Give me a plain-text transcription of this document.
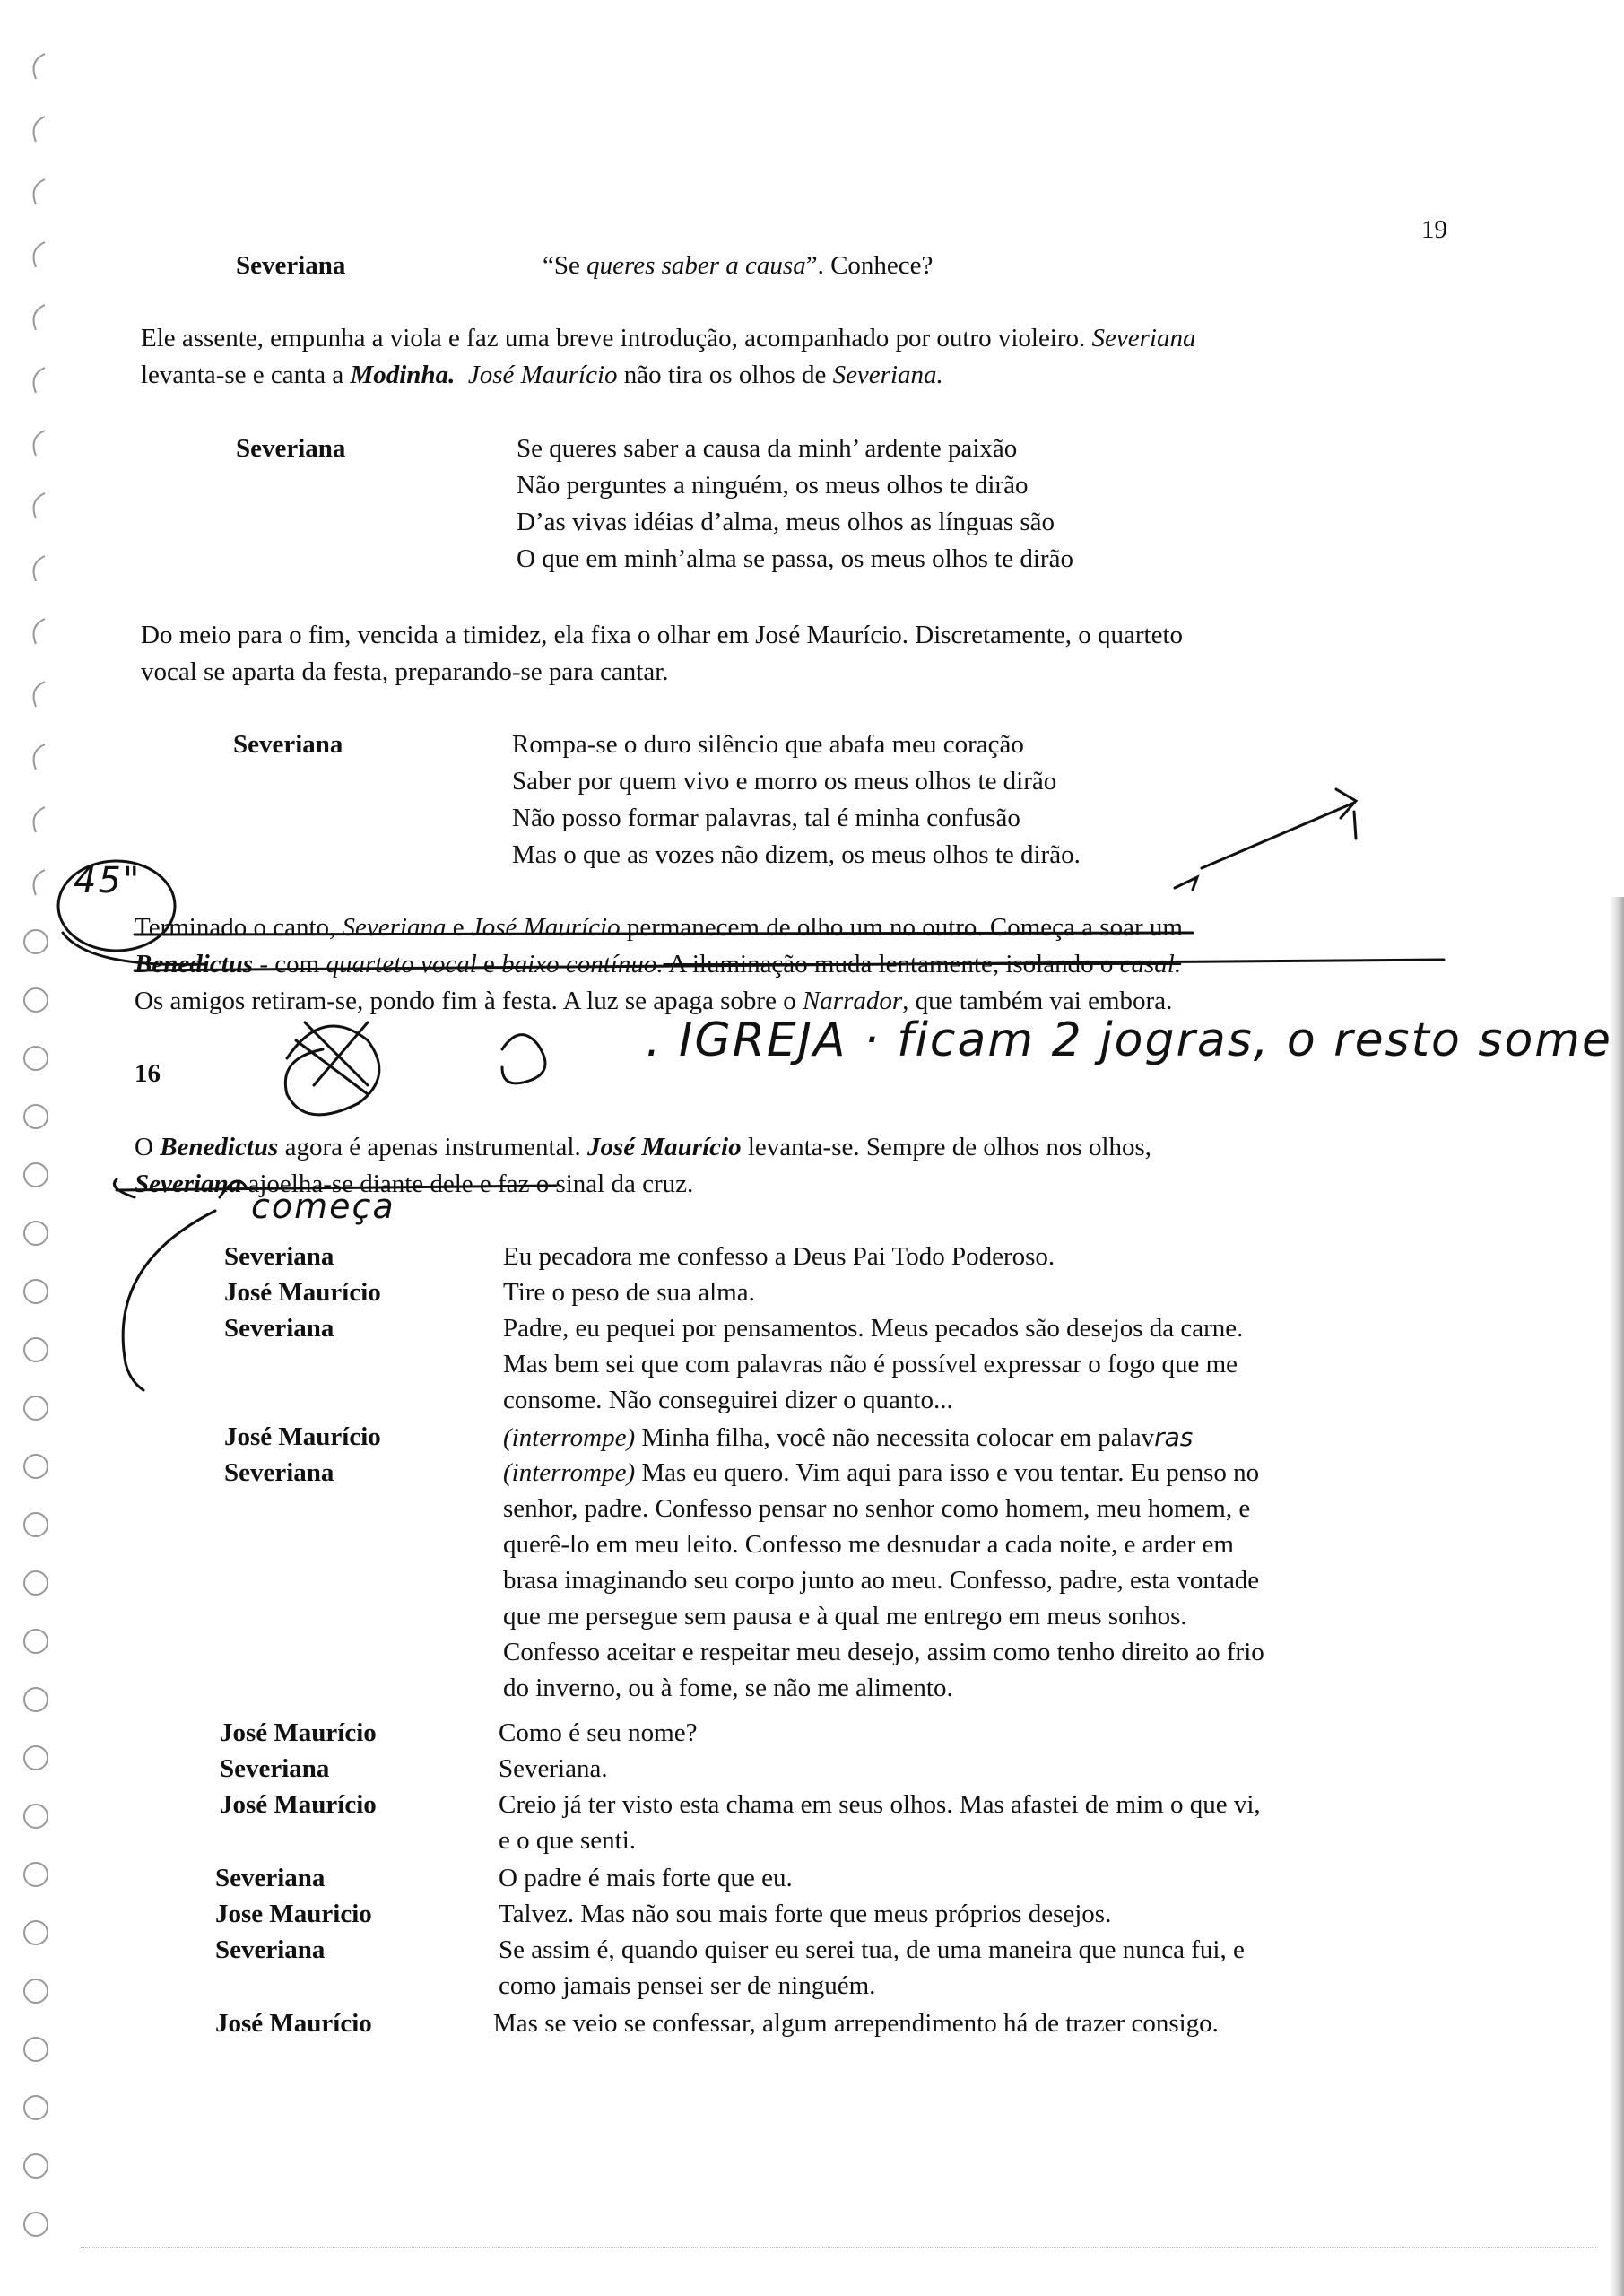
19
Severiana	“Se queres saber a causa”. Conhece?
Ele assente, empunha a viola e faz uma breve introdução, acompanhado por outro violeiro. Severiana
levanta-se e canta a Modinha. José Maurício não tira os olhos de Severiana.
Severiana	Se queres saber a causa da minh’ ardente paixão
Não perguntes a ninguém, os meus olhos te dirão
D’as vivas idéias d’alma, meus olhos as línguas são
O que em minh’alma se passa, os meus olhos te dirão
Do meio para o fim, vencida a timidez, ela fixa o olhar em José Maurício. Discretamente, o quarteto
vocal se aparta da festa, preparando-se para cantar.
Severiana	Rompa-se o duro silêncio que abafa meu coração
Saber por quem vivo e morro os meus olhos te dirão
Não posso formar palavras, tal é minha confusão
Mas o que as vozes não dizem, os meus olhos te dirão.
Terminado o canto, Severiana e José Maurício permanecem de olho um no outro. Começa a soar um
Benedictus - com quarteto vocal e baixo contínuo. A iluminação muda lentamente, isolando o casal.
Os amigos retiram-se, pondo fim à festa. A luz se apaga sobre o Narrador, que também vai embora.
16
O Benedictus agora é apenas instrumental. José Maurício levanta-se. Sempre de olhos nos olhos,
Severiana ajoelha-se diante dele e faz o sinal da cruz.
Severiana	Eu pecadora me confesso a Deus Pai Todo Poderoso.
José Maurício	Tire o peso de sua alma.
Severiana	Padre, eu pequei por pensamentos. Meus pecados são desejos da carne.
Mas bem sei que com palavras não é possível expressar o fogo que me
consome. Não conseguirei dizer o quanto...
José Maurício	(interrompe) Minha filha, você não necessita colocar em palavras
Severiana	(interrompe) Mas eu quero. Vim aqui para isso e vou tentar. Eu penso no
senhor, padre. Confesso pensar no senhor como homem, meu homem, e
querê-lo em meu leito. Confesso me desnudar a cada noite, e arder em
brasa imaginando seu corpo junto ao meu. Confesso, padre, esta vontade
que me persegue sem pausa e à qual me entrego em meus sonhos.
Confesso aceitar e respeitar meu desejo, assim como tenho direito ao frio
do inverno, ou à fome, se não me alimento.
José Maurício	Como é seu nome?
Severiana	Severiana.
José Maurício	Creio já ter visto esta chama em seus olhos. Mas afastei de mim o que vi,
e o que senti.
Severiana	O padre é mais forte que eu.
Jose Mauricio	Talvez. Mas não sou mais forte que meus próprios desejos.
Severiana	Se assim é, quando quiser eu serei tua, de uma maneira que nunca fui, e
como jamais pensei ser de ninguém.
José Maurício	Mas se veio se confessar, algum arrependimento há de trazer consigo.
45"
. IGREJA · ficam 2 jogras, o resto some
começa
